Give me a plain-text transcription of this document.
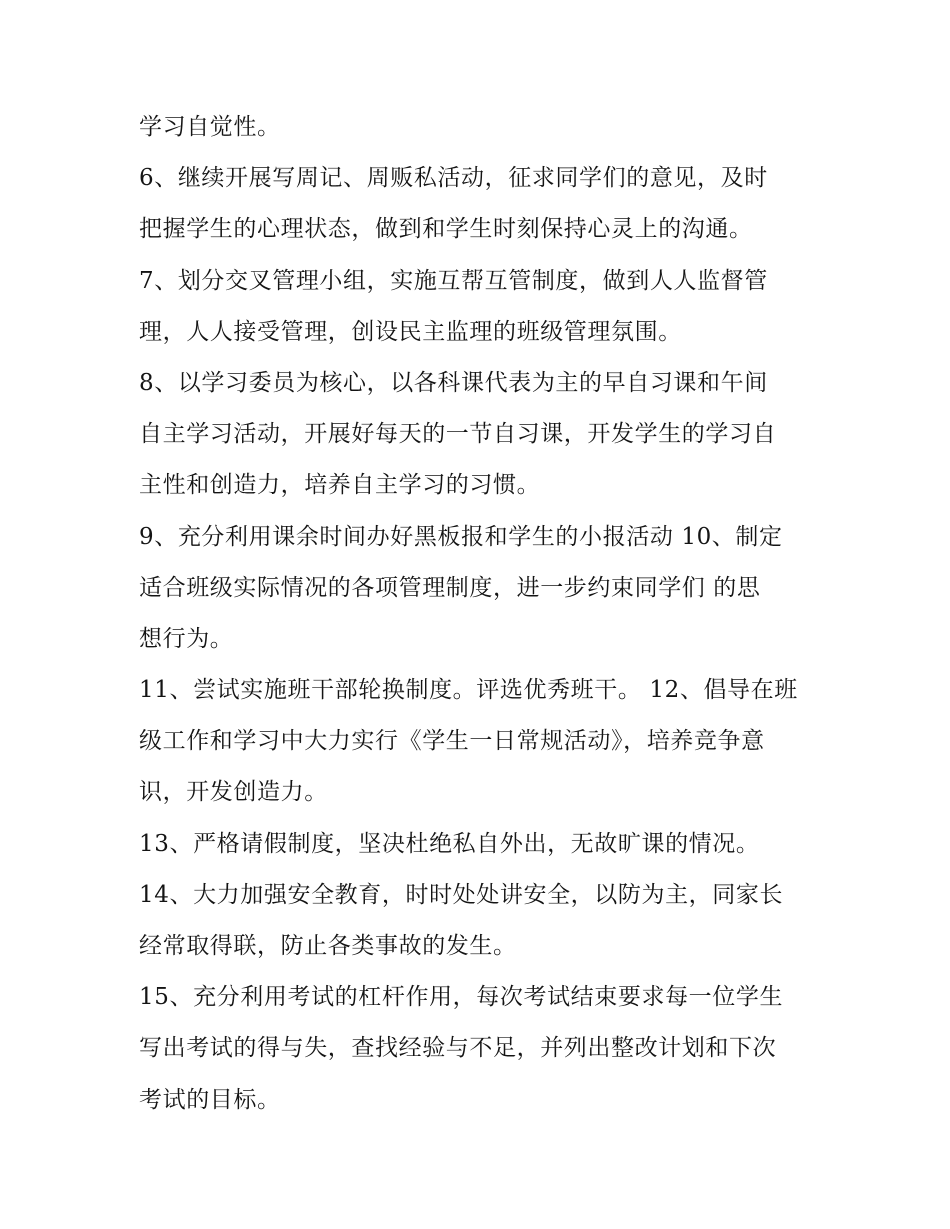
学习自觉性。
6、继续开展写周记、周贩私活动，征求同学们的意见，及时
把握学生的心理状态，做到和学生时刻保持心灵上的沟通。
7、划分交叉管理小组，实施互帮互管制度，做到人人监督管
理，人人接受管理，创设民主监理的班级管理氛围。
8、以学习委员为核心，以各科课代表为主的早自习课和午间
自主学习活动，开展好每天的一节自习课，开发学生的学习自
主性和创造力，培养自主学习的习惯。
9、充分利用课余时间办好黑板报和学生的小报活动 10、制定
适合班级实际情况的各项管理制度，进一步约束同学们 的思
想行为。
11、尝试实施班干部轮换制度。评选优秀班干。 12、倡导在班
级工作和学习中大力实行《学生一日常规活动》，培养竞争意
识，开发创造力。
13、严格请假制度，坚决杜绝私自外出，无故旷课的情况。
14、大力加强安全教育，时时处处讲安全，以防为主，同家长
经常取得联，防止各类事故的发生。
15、充分利用考试的杠杆作用，每次考试结束要求每一位学生
写出考试的得与失，查找经验与不足，并列出整改计划和下次
考试的目标。
